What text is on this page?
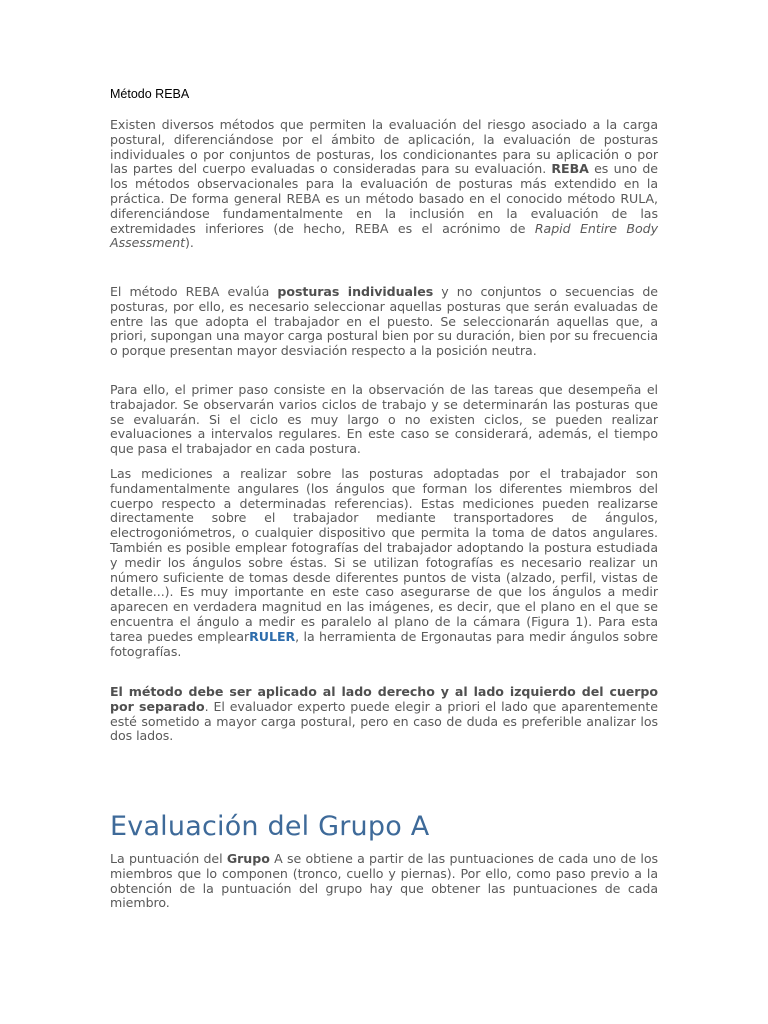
Método REBA

Existen diversos métodos que permiten la evaluación del riesgo asociado a la carga postural, diferenciándose por el ámbito de aplicación, la evaluación de posturas individuales o por conjuntos de posturas, los condicionantes para su aplicación o por las partes del cuerpo evaluadas o consideradas para su evaluación. REBA es uno de los métodos observacionales para la evaluación de posturas más extendido en la práctica. De forma general REBA es un método basado en el conocido método RULA, diferenciándose fundamentalmente en la inclusión en la evaluación de las extremidades inferiores (de hecho, REBA es el acrónimo de Rapid Entire Body Assessment).

El método REBA evalúa posturas individuales y no conjuntos o secuencias de posturas, por ello, es necesario seleccionar aquellas posturas que serán evaluadas de entre las que adopta el trabajador en el puesto. Se seleccionarán aquellas que, a priori, supongan una mayor carga postural bien por su duración, bien por su frecuencia o porque presentan mayor desviación respecto a la posición neutra.

Para ello, el primer paso consiste en la observación de las tareas que desempeña el trabajador. Se observarán varios ciclos de trabajo y se determinarán las posturas que se evaluarán. Si el ciclo es muy largo o no existen ciclos, se pueden realizar evaluaciones a intervalos regulares. En este caso se considerará, además, el tiempo que pasa el trabajador en cada postura.

Las mediciones a realizar sobre las posturas adoptadas por el trabajador son fundamentalmente angulares (los ángulos que forman los diferentes miembros del cuerpo respecto a determinadas referencias). Estas mediciones pueden realizarse directamente sobre el trabajador mediante transportadores de ángulos, electrogoniómetros, o cualquier dispositivo que permita la toma de datos angulares. También es posible emplear fotografías del trabajador adoptando la postura estudiada y medir los ángulos sobre éstas. Si se utilizan fotografías es necesario realizar un número suficiente de tomas desde diferentes puntos de vista (alzado, perfil, vistas de detalle...). Es muy importante en este caso asegurarse de que los ángulos a medir aparecen en verdadera magnitud en las imágenes, es decir, que el plano en el que se encuentra el ángulo a medir es paralelo al plano de la cámara (Figura 1). Para esta tarea puedes emplearRULER, la herramienta de Ergonautas para medir ángulos sobre fotografías.

El método debe ser aplicado al lado derecho y al lado izquierdo del cuerpo por separado. El evaluador experto puede elegir a priori el lado que aparentemente esté sometido a mayor carga postural, pero en caso de duda es preferible analizar los dos lados.

Evaluación del Grupo A

La puntuación del Grupo A se obtiene a partir de las puntuaciones de cada uno de los miembros que lo componen (tronco, cuello y piernas). Por ello, como paso previo a la obtención de la puntuación del grupo hay que obtener las puntuaciones de cada miembro.
